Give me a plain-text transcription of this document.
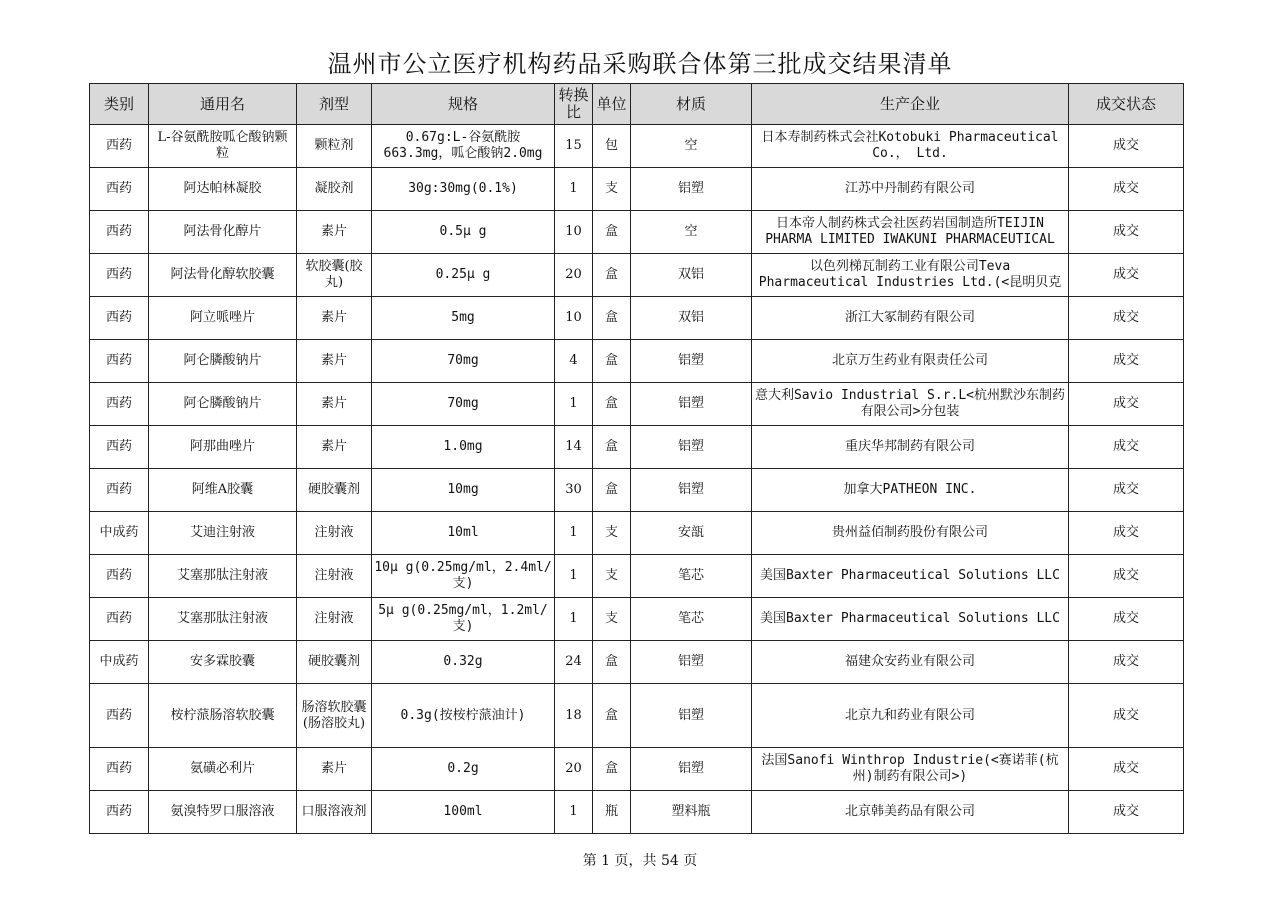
温州市公立医疗机构药品采购联合体第三批成交结果清单
类别	通用名	剂型	规格	转换比	单位	材质	生产企业	成交状态
西药	L-谷氨酰胺呱仑酸钠颗粒	颗粒剂	0.67g:L-谷氨酰胺663.3mg，呱仑酸钠2.0mg	15	包	空	日本寿制药株式会社Kotobuki Pharmaceutical Co.， Ltd.	成交
西药	阿达帕林凝胶	凝胶剂	30g:30mg(0.1%)	1	支	铝塑	江苏中丹制药有限公司	成交
西药	阿法骨化醇片	素片	0.5μ g	10	盒	空	日本帝人制药株式会社医药岩国制造所TEIJIN PHARMA LIMITED IWAKUNI PHARMACEUTICAL	成交
西药	阿法骨化醇软胶囊	软胶囊(胶丸)	0.25μ g	20	盒	双铝	以色列梯瓦制药工业有限公司Teva Pharmaceutical Industries Ltd.(<昆明贝克	成交
西药	阿立哌唑片	素片	5mg	10	盒	双铝	浙江大冢制药有限公司	成交
西药	阿仑膦酸钠片	素片	70mg	4	盒	铝塑	北京万生药业有限责任公司	成交
西药	阿仑膦酸钠片	素片	70mg	1	盒	铝塑	意大利Savio Industrial S.r.L<杭州默沙东制药有限公司>分包装	成交
西药	阿那曲唑片	素片	1.0mg	14	盒	铝塑	重庆华邦制药有限公司	成交
西药	阿维A胶囊	硬胶囊剂	10mg	30	盒	铝塑	加拿大PATHEON INC.	成交
中成药	艾迪注射液	注射液	10ml	1	支	安瓿	贵州益佰制药股份有限公司	成交
西药	艾塞那肽注射液	注射液	10μ g(0.25mg/ml，2.4ml/支)	1	支	笔芯	美国Baxter Pharmaceutical Solutions LLC	成交
西药	艾塞那肽注射液	注射液	5μ g(0.25mg/ml，1.2ml/支)	1	支	笔芯	美国Baxter Pharmaceutical Solutions LLC	成交
中成药	安多霖胶囊	硬胶囊剂	0.32g	24	盒	铝塑	福建众安药业有限公司	成交
西药	桉柠蒎肠溶软胶囊	肠溶软胶囊(肠溶胶丸)	0.3g(按桉柠蒎油计)	18	盒	铝塑	北京九和药业有限公司	成交
西药	氨磺必利片	素片	0.2g	20	盒	铝塑	法国Sanofi Winthrop Industrie(<赛诺菲(杭州)制药有限公司>)	成交
西药	氨溴特罗口服溶液	口服溶液剂	100ml	1	瓶	塑料瓶	北京韩美药品有限公司	成交
第 1 页，共 54 页
